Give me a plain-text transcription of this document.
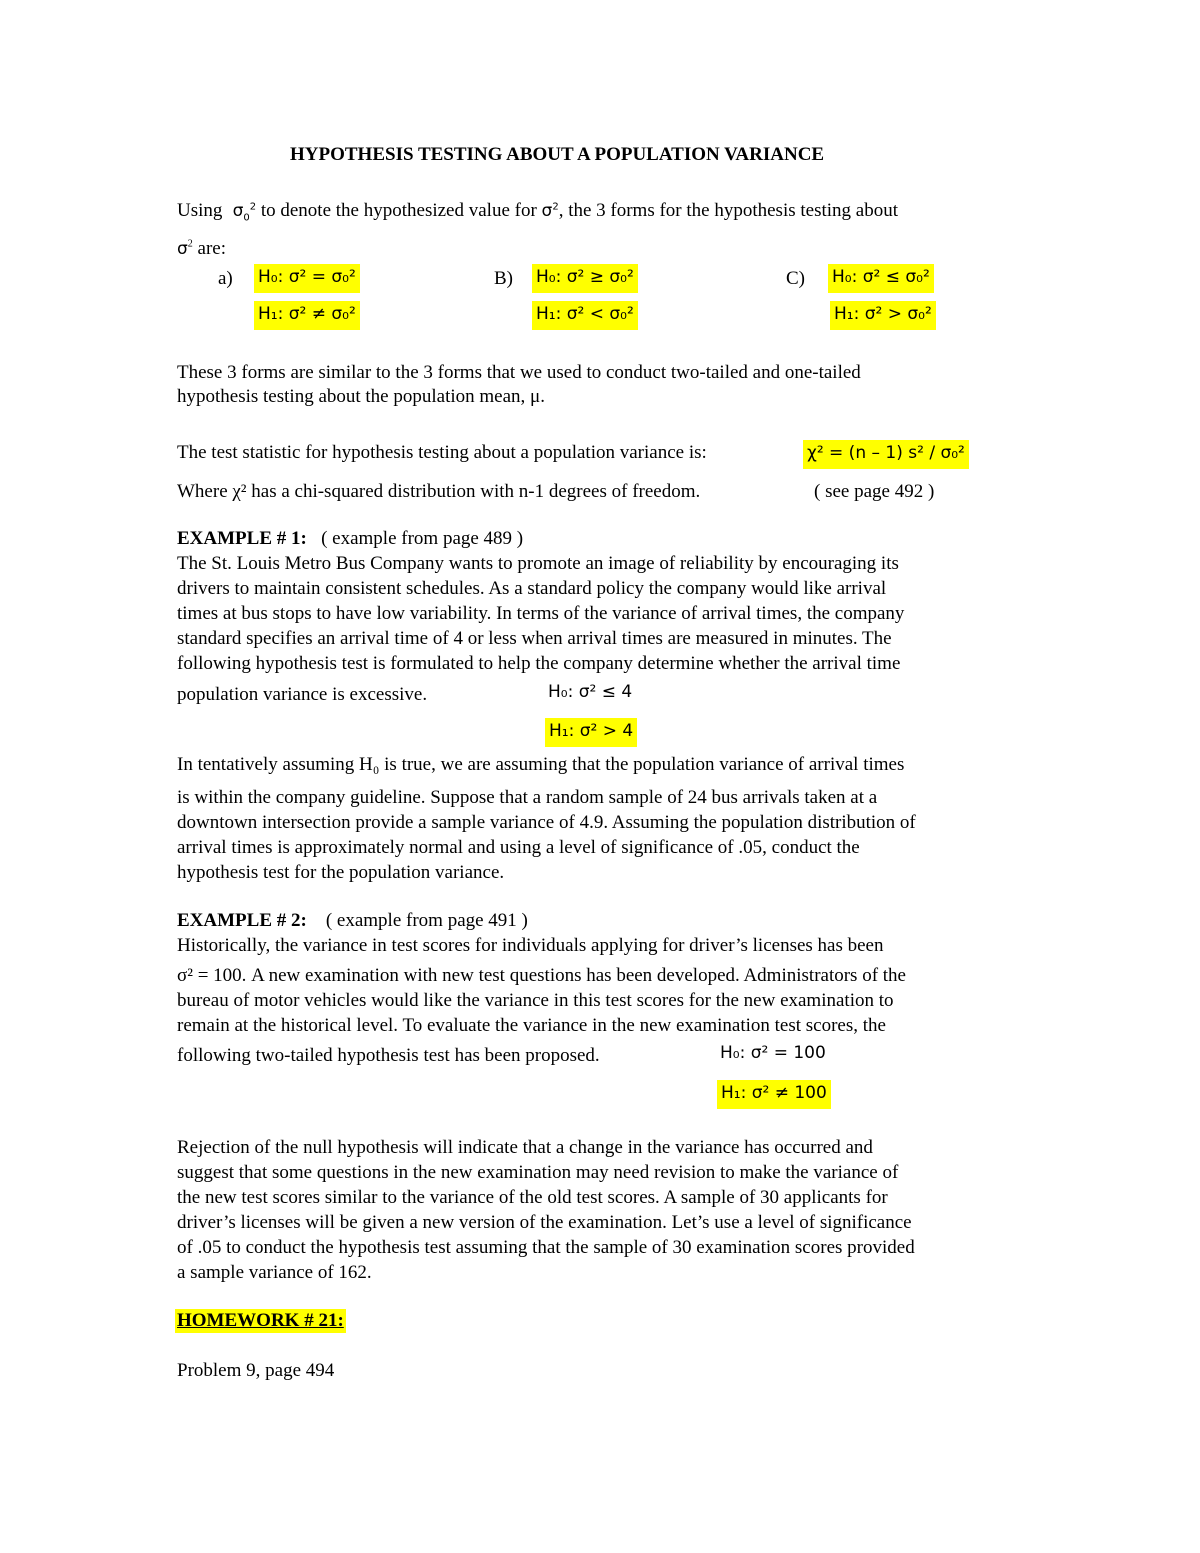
HYPOTHESIS TESTING ABOUT A POPULATION VARIANCE
Using $\sigma_0^2$ to denote the hypothesized value for $\sigma^2$, the 3 forms for the hypothesis testing about
$\sigma^2$ are:
a) H₀: σ² = σ₀²
H₁: σ² ≠ σ₀²
B) H₀: σ² ≥ σ₀²
H₁: σ² < σ₀²
C) H₀: σ² ≤ σ₀²
H₁: σ² > σ₀²
These 3 forms are similar to the 3 forms that we used to conduct two-tailed and one-tailed
hypothesis testing about the population mean, μ.
The test statistic for hypothesis testing about a population variance is:	χ² = (n – 1) s² / σ₀²
Where χ² has a chi-squared distribution with n-1 degrees of freedom.	( see page 492 )
EXAMPLE # 1: ( example from page 489 )
The St. Louis Metro Bus Company wants to promote an image of reliability by encouraging its
drivers to maintain consistent schedules. As a standard policy the company would like arrival
times at bus stops to have low variability. In terms of the variance of arrival times, the company
standard specifies an arrival time of 4 or less when arrival times are measured in minutes. The
following hypothesis test is formulated to help the company determine whether the arrival time
population variance is excessive.	H₀: σ² ≤ 4
H₁: σ² > 4
In tentatively assuming H₀ is true, we are assuming that the population variance of arrival times
is within the company guideline. Suppose that a random sample of 24 bus arrivals taken at a
downtown intersection provide a sample variance of 4.9. Assuming the population distribution of
arrival times is approximately normal and using a level of significance of .05, conduct the
hypothesis test for the population variance.
EXAMPLE # 2: ( example from page 491 )
Historically, the variance in test scores for individuals applying for driver’s licenses has been
σ² = 100. A new examination with new test questions has been developed. Administrators of the
bureau of motor vehicles would like the variance in this test scores for the new examination to
remain at the historical level. To evaluate the variance in the new examination test scores, the
following two-tailed hypothesis test has been proposed.	H₀: σ² = 100
H₁: σ² ≠ 100
Rejection of the null hypothesis will indicate that a change in the variance has occurred and
suggest that some questions in the new examination may need revision to make the variance of
the new test scores similar to the variance of the old test scores. A sample of 30 applicants for
driver’s licenses will be given a new version of the examination. Let’s use a level of significance
of .05 to conduct the hypothesis test assuming that the sample of 30 examination scores provided
a sample variance of 162.
HOMEWORK # 21:
Problem 9, page 494
